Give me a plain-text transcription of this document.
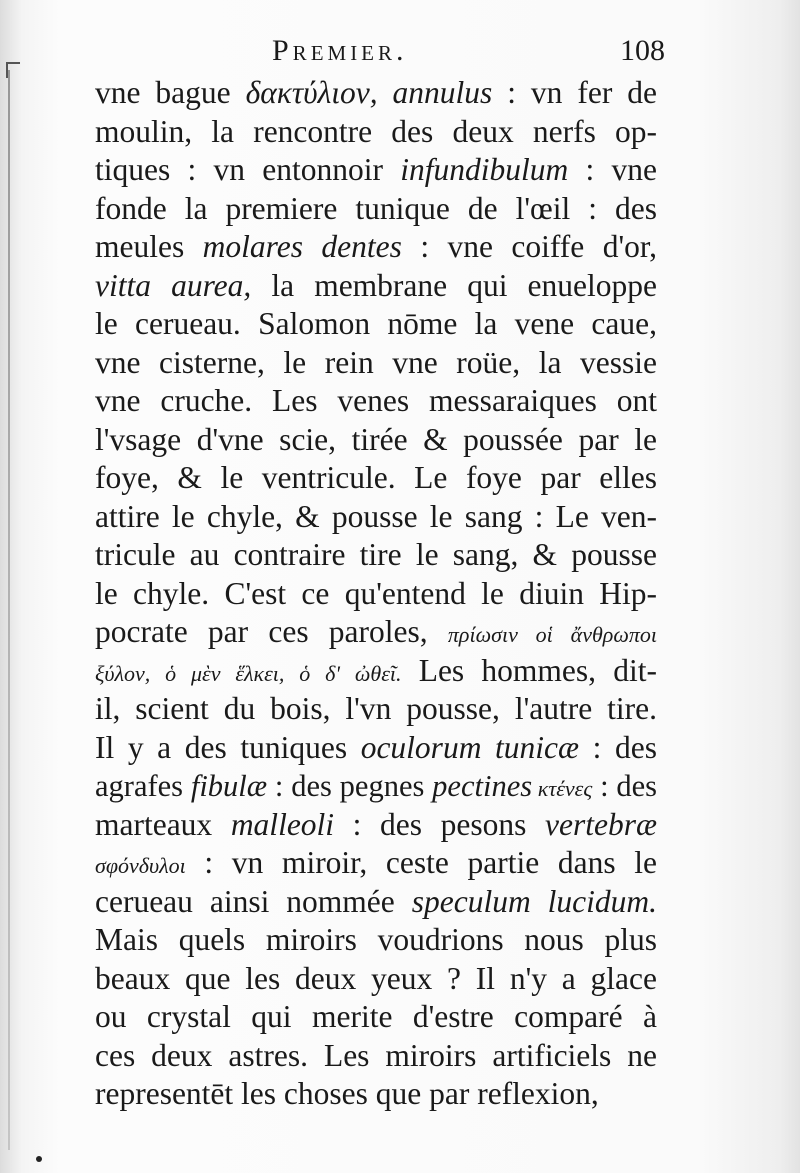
Premier.	108
vne bague δακτύλιον, annulus : vn fer de
moulin, la rencontre des deux nerfs op-
tiques : vn entonnoir infundibulum : vne
fonde la premiere tunique de l'œil : des
meules molares dentes : vne coiffe d'or,
vitta aurea, la membrane qui enueloppe
le cerueau. Salomon nōme la vene caue,
vne cisterne, le rein vne roüe, la vessie
vne cruche. Les venes messaraiques ont
l'vsage d'vne scie, tirée & poussée par le
foye, & le ventricule. Le foye par elles
attire le chyle, & pousse le sang : Le ven-
tricule au contraire tire le sang, & pousse
le chyle. C'est ce qu'entend le diuin Hip-
pocrate par ces paroles, πρίωσιν οἱ ἄνθρωποι
ξύλον, ὁ μὲν ἕλκει, ὁ δ' ὠθεῖ. Les hommes, dit-
il, scient du bois, l'vn pousse, l'autre tire.
Il y a des tuniques oculorum tunicæ : des
agrafes fibulæ : des pegnes pectines κτένες : des
marteaux malleoli : des pesons vertebræ
σφόνδυλοι : vn miroir, ceste partie dans le
cerueau ainsi nommée speculum lucidum.
Mais quels miroirs voudrions nous plus
beaux que les deux yeux ? Il n'y a glace
ou crystal qui merite d'estre comparé à
ces deux astres. Les miroirs artificiels ne
representēt les choses que par reflexion,
